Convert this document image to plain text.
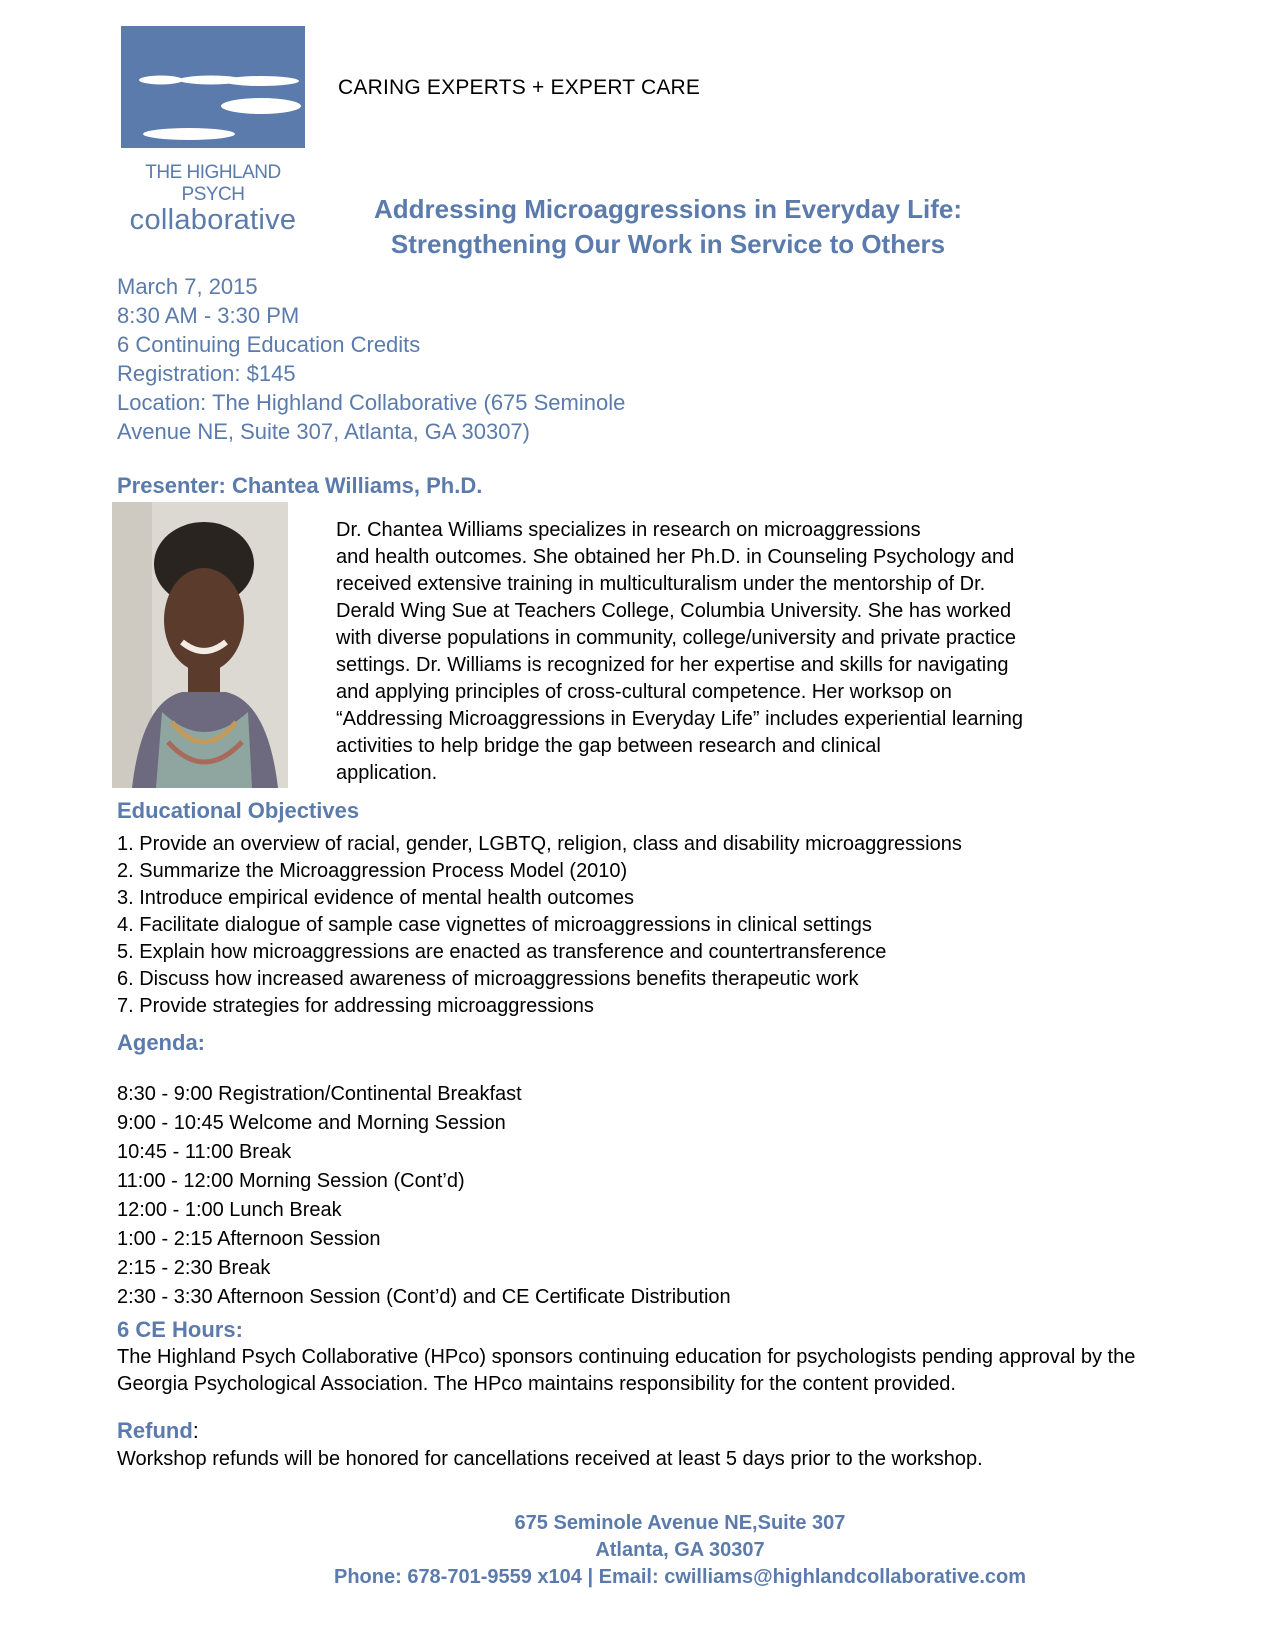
THE HIGHLAND PSYCH
collaborative
CARING EXPERTS + EXPERT CARE
Addressing Microaggressions in Everyday Life:
Strengthening Our Work in Service to Others
March 7, 2015
8:30 AM - 3:30 PM
6 Continuing Education Credits
Registration: $145
Location: The Highland Collaborative (675 Seminole
Avenue NE, Suite 307, Atlanta, GA 30307)
Presenter: Chantea Williams, Ph.D.

Dr. Chantea Williams specializes in research on microaggressions

and health outcomes. She obtained her Ph.D. in Counseling Psychology and

received extensive training in multiculturalism under the mentorship of Dr.

Derald Wing Sue at Teachers College, Columbia University. She has worked

with diverse populations in community, college/university and private practice

settings. Dr. Williams is recognized for her expertise and skills for navigating

and applying principles of cross-cultural competence. Her worksop on

“Addressing Microaggressions in Everyday Life” includes experiential learning

activities to help bridge the gap between research and clinical

application.

Educational Objectives
1. Provide an overview of racial, gender, LGBTQ, religion, class and disability microaggressions
2. Summarize the Microaggression Process Model (2010)
3. Introduce empirical evidence of mental health outcomes
4. Facilitate dialogue of sample case vignettes of microaggressions in clinical settings
5. Explain how microaggressions are enacted as transference and countertransference
6. Discuss how increased awareness of microaggressions benefits therapeutic work
7. Provide strategies for addressing microaggressions
Agenda:
8:30 - 9:00 Registration/Continental Breakfast
9:00 - 10:45 Welcome and Morning Session
10:45 - 11:00 Break
11:00 - 12:00 Morning Session (Cont’d)
12:00 - 1:00 Lunch Break
1:00 - 2:15 Afternoon Session
2:15 - 2:30 Break
2:30 - 3:30 Afternoon Session (Cont’d) and CE Certificate Distribution
6 CE Hours:
The Highland Psych Collaborative (HPco) sponsors continuing education for psychologists pending approval by the
Georgia Psychological Association. The HPco maintains responsibility for the content provided.
Refund:
Workshop refunds will be honored for cancellations received at least 5 days prior to the workshop.
675 Seminole Avenue NE,Suite 307
Atlanta, GA 30307
Phone: 678-701-9559 x104 | Email: cwilliams@highlandcollaborative.com
